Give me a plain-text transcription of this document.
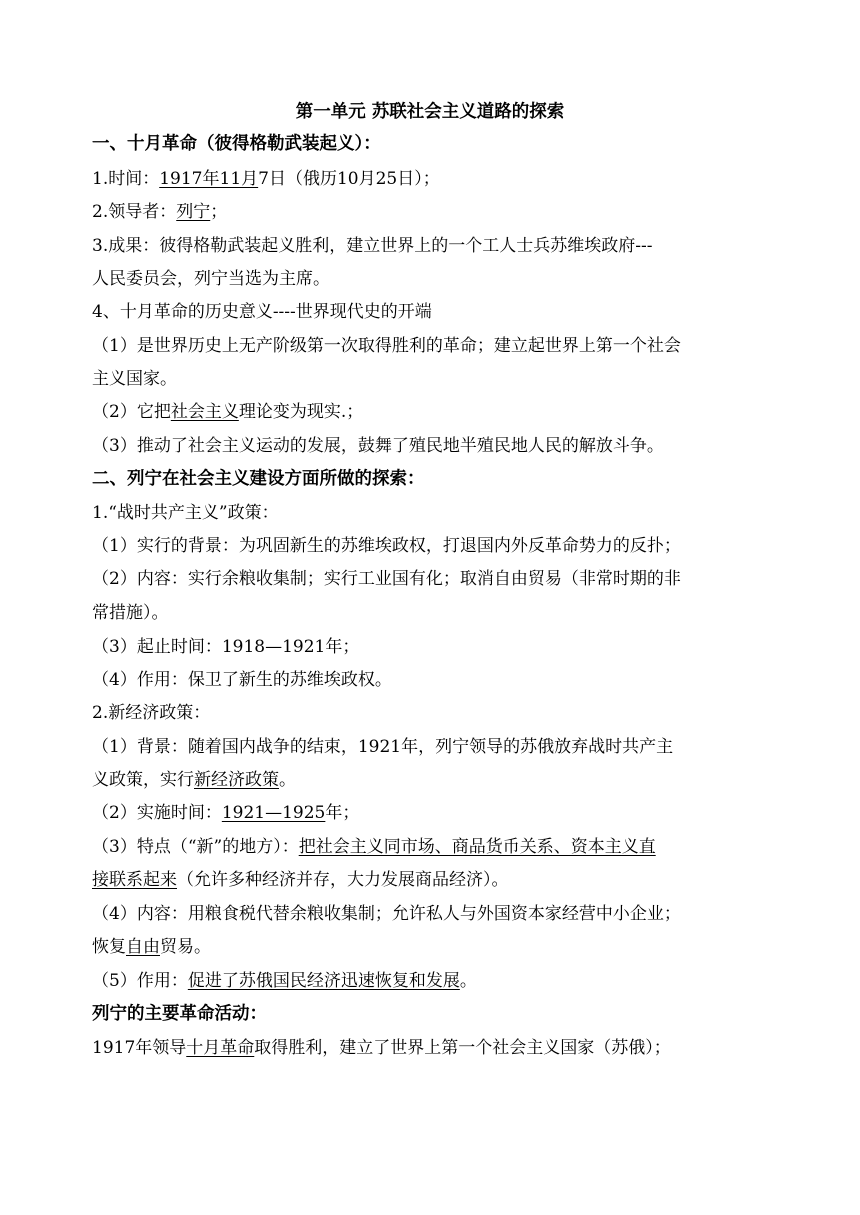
第一单元 苏联社会主义道路的探索
一、十月革命（彼得格勒武装起义）：
1.时间：1917年11月7日（俄历10月25日）；
2.领导者：列宁；
3.成果：彼得格勒武装起义胜利，建立世界上的一个工人士兵苏维埃政府---
人民委员会，列宁当选为主席。
4、十月革命的历史意义----世界现代史的开端
（1）是世界历史上无产阶级第一次取得胜利的革命；建立起世界上第一个社会
主义国家。
（2）它把社会主义理论变为现实.；
（3）推动了社会主义运动的发展，鼓舞了殖民地半殖民地人民的解放斗争。
二、列宁在社会主义建设方面所做的探索：
1.“战时共产主义”政策：
（1）实行的背景：为巩固新生的苏维埃政权，打退国内外反革命势力的反扑；
（2）内容：实行余粮收集制；实行工业国有化；取消自由贸易（非常时期的非
常措施）。
（3）起止时间：1918—1921年；
（4）作用：保卫了新生的苏维埃政权。
2.新经济政策：
（1）背景：随着国内战争的结束，1921年，列宁领导的苏俄放弃战时共产主
义政策，实行新经济政策。
（2）实施时间：1921—1925年；
（3）特点（“新”的地方）：把社会主义同市场、商品货币关系、资本主义直
接联系起来（允许多种经济并存，大力发展商品经济）。
（4）内容：用粮食税代替余粮收集制；允许私人与外国资本家经营中小企业；
恢复自由贸易。
（5）作用：促进了苏俄国民经济迅速恢复和发展。
列宁的主要革命活动：
1917年领导十月革命取得胜利，建立了世界上第一个社会主义国家（苏俄）；
